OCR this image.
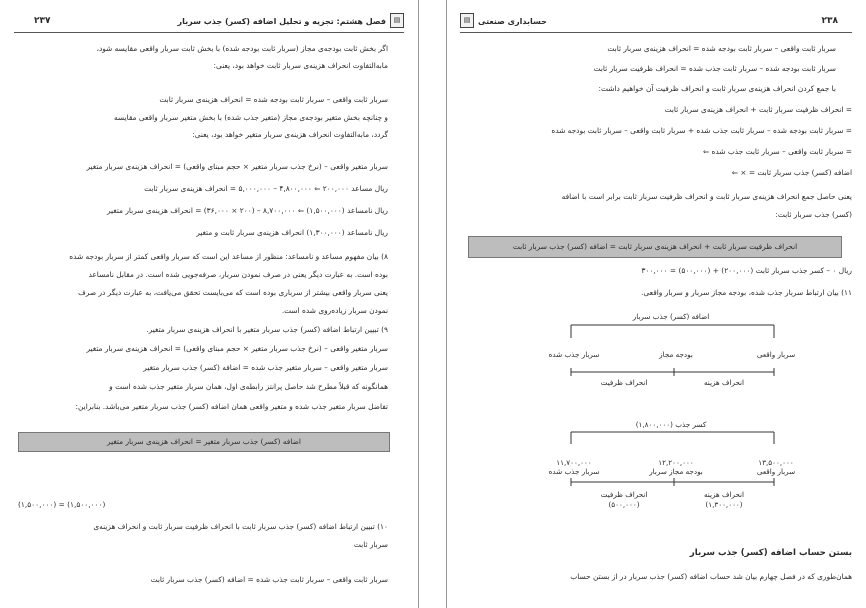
۲۳۷	فصل هشتم: تجزیه و تحلیل اضافه (کسر) جذب سربار	▤
اگر بخش ثابت بودجه‌ی مجاز (سربار ثابت بودجه شده) با بخش ثابت سربار واقعی مقایسه شود،
مابه‌التفاوت انحراف هزینه‌ی سربار ثابت خواهد بود، یعنی:
سربار ثابت واقعی – سربار ثابت بودجه شده = انحراف هزینه‌ی سربار ثابت
و چنانچه بخش متغیر بودجه‌ی مجاز (متغیر جذب شده) با بخش متغیر سربار واقعی مقایسه
گردد، مابه‌التفاوت انحراف هزینه‌ی سربار متغیر خواهد بود، یعنی:
سربار متغیر واقعی – (نرخ جذب سربار متغیر × حجم مبنای واقعی) = انحراف هزینه‌ی سربار متغیر
ریال مساعد ۲۰۰,۰۰۰ ⇐ ۴,۸۰۰,۰۰۰ – ۵,۰۰۰,۰۰۰ = انحراف هزینه‌ی سربار ثابت
ریال نامساعد (۱,۵۰۰,۰۰۰) ⇐ ۸,۷۰۰,۰۰۰ – (۲۰۰ × ۳۶,۰۰۰) = انحراف هزینه‌ی سربار متغیر
ریال نامساعد (۱,۳۰۰,۰۰۰) انحراف هزینه‌ی سربار ثابت و متغیر
۸) بیان مفهوم مساعد و نامساعد: منظور از مساعد این است که سربار واقعی کمتر از سربار بودجه شده
بوده است. به عبارت دیگر یعنی در صرف نمودن سربار، صرفه‌جویی شده است. در مقابل نامساعد
یعنی سربار واقعی بیشتر از سرباری بوده است که می‌بایست تحقق می‌یافت، به عبارت دیگر در صرف
نمودن سربار زیاده‌روی شده است.
۹) تبیین ارتباط اضافه (کسر) جذب سربار متغیر با انحراف هزینه‌ی سربار متغیر.
سربار متغیر واقعی – (نرخ جذب سربار متغیر × حجم مبنای واقعی) = انحراف هزینه‌ی سربار متغیر
سربار متغیر واقعی – سربار متغیر جذب شده = اضافه (کسر) جذب سربار متغیر
همانگونه که قبلاً مطرح شد حاصل پرانتز رابطه‌ی اول، همان سربار متغیر جذب شده است و
تفاضل سربار متغیر جذب شده و متغیر واقعی همان اضافه (کسر) جذب سربار متغیر می‌باشد. بنابراین:
اضافه (کسر) جذب سربار متغیر = انحراف هزینه‌ی سربار متغیر
(۱,۵۰۰,۰۰۰) = (۱,۵۰۰,۰۰۰)
۱۰) تبیین ارتباط اضافه (کسر) جذب سربار ثابت با انحراف ظرفیت سربار ثابت و انحراف هزینه‌ی
سربار ثابت
سربار ثابت واقعی – سربار ثابت جذب شده = اضافه (کسر) جذب سربار ثابت
▤ حسابداری صنعتی	۲۳۸
سربار ثابت واقعی – سربار ثابت بودجه شده = انحراف هزینه‌ی سربار ثابت
سربار ثابت بودجه شده – سربار ثابت جذب شده = انحراف ظرفیت سربار ثابت
با جمع کردن انحراف هزینه‌ی سربار ثابت و انحراف ظرفیت آن خواهیم داشت:
= انحراف ظرفیت سربار ثابت + انحراف هزینه‌ی سربار ثابت
= سربار ثابت بودجه شده – سربار ثابت جذب شده + سربار ثابت واقعی – سربار ثابت بودجه شده
= سربار ثابت واقعی – سربار ثابت جذب شده ⇐
اضافه (کسر) جذب سربار ثابت = × ⇐
یعنی حاصل جمع انحراف هزینه‌ی سربار ثابت و انحراف ظرفیت سربار ثابت برابر است با اضافه
(کسر) جذب سربار ثابت:
انحراف ظرفیت سربار ثابت + انحراف هزینه‌ی سربار ثابت = اضافه (کسر) جذب سربار ثابت
ریال ۰ – کسر جذب سربار ثابت (۲۰۰,۰۰۰) + (۵۰۰,۰۰۰) = ۳۰۰,۰۰۰
۱۱) بیان ارتباط سربار جذب شده، بودجه مجاز سربار و سربار واقعی.
اضافه (کسر) جذب سربار
سربار واقعی
بودجه مجاز
سربار جذب شده
انحراف هزینه
انحراف ظرفیت
کسر جذب (۱,۸۰۰,۰۰۰)
۱۳,۵۰۰,۰۰۰
سربار واقعی
۱۲,۲۰۰,۰۰۰
بودجه مجاز سربار
۱۱,۷۰۰,۰۰۰
سربار جذب شده
انحراف هزینه
(۱,۳۰۰,۰۰۰)
انحراف ظرفیت
(۵۰۰,۰۰۰)
بستن حساب اضافه (کسر) جذب سربار
همان‌طوری که در فصل چهارم بیان شد حساب اضافه (کسر) جذب سربار در از بستن حساب
